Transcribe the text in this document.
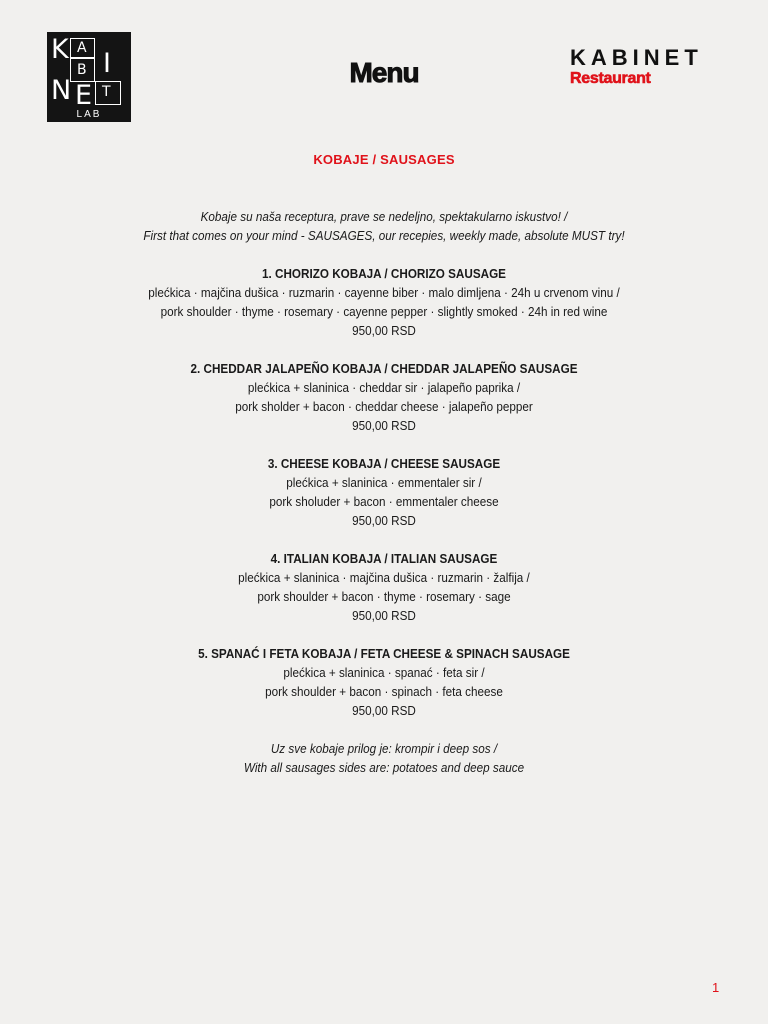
K A
B I
N E T
LAB
Menu	KABINET
Restaurant
KOBAJE / SAUSAGES
Kobaje su naša receptura, prave se nedeljno, spektakularno iskustvo! /
First that comes on your mind - SAUSAGES, our recepies, weekly made, absolute MUST try!
1. CHORIZO KOBAJA / CHORIZO SAUSAGE
plećkica · majčina dušica · ruzmarin · cayenne biber · malo dimljena · 24h u crvenom vinu /
pork shoulder · thyme · rosemary · cayenne pepper · slightly smoked · 24h in red wine
950,00 RSD
2. CHEDDAR JALAPEÑO KOBAJA / CHEDDAR JALAPEÑO SAUSAGE
plećkica + slaninica · cheddar sir · jalapeño paprika /
pork sholder + bacon · cheddar cheese · jalapeño pepper
950,00 RSD
3. CHEESE KOBAJA / CHEESE SAUSAGE
plećkica + slaninica · emmentaler sir /
pork sholuder + bacon · emmentaler cheese
950,00 RSD
4. ITALIAN KOBAJA / ITALIAN SAUSAGE
plećkica + slaninica · majčina dušica · ruzmarin · žalfija /
pork shoulder + bacon · thyme · rosemary · sage
950,00 RSD
5. SPANAĆ I FETA KOBAJA / FETA CHEESE & SPINACH SAUSAGE
plećkica + slaninica · spanać · feta sir /
pork shoulder + bacon · spinach · feta cheese
950,00 RSD
Uz sve kobaje prilog je: krompir i deep sos /
With all sausages sides are: potatoes and deep sauce
1
